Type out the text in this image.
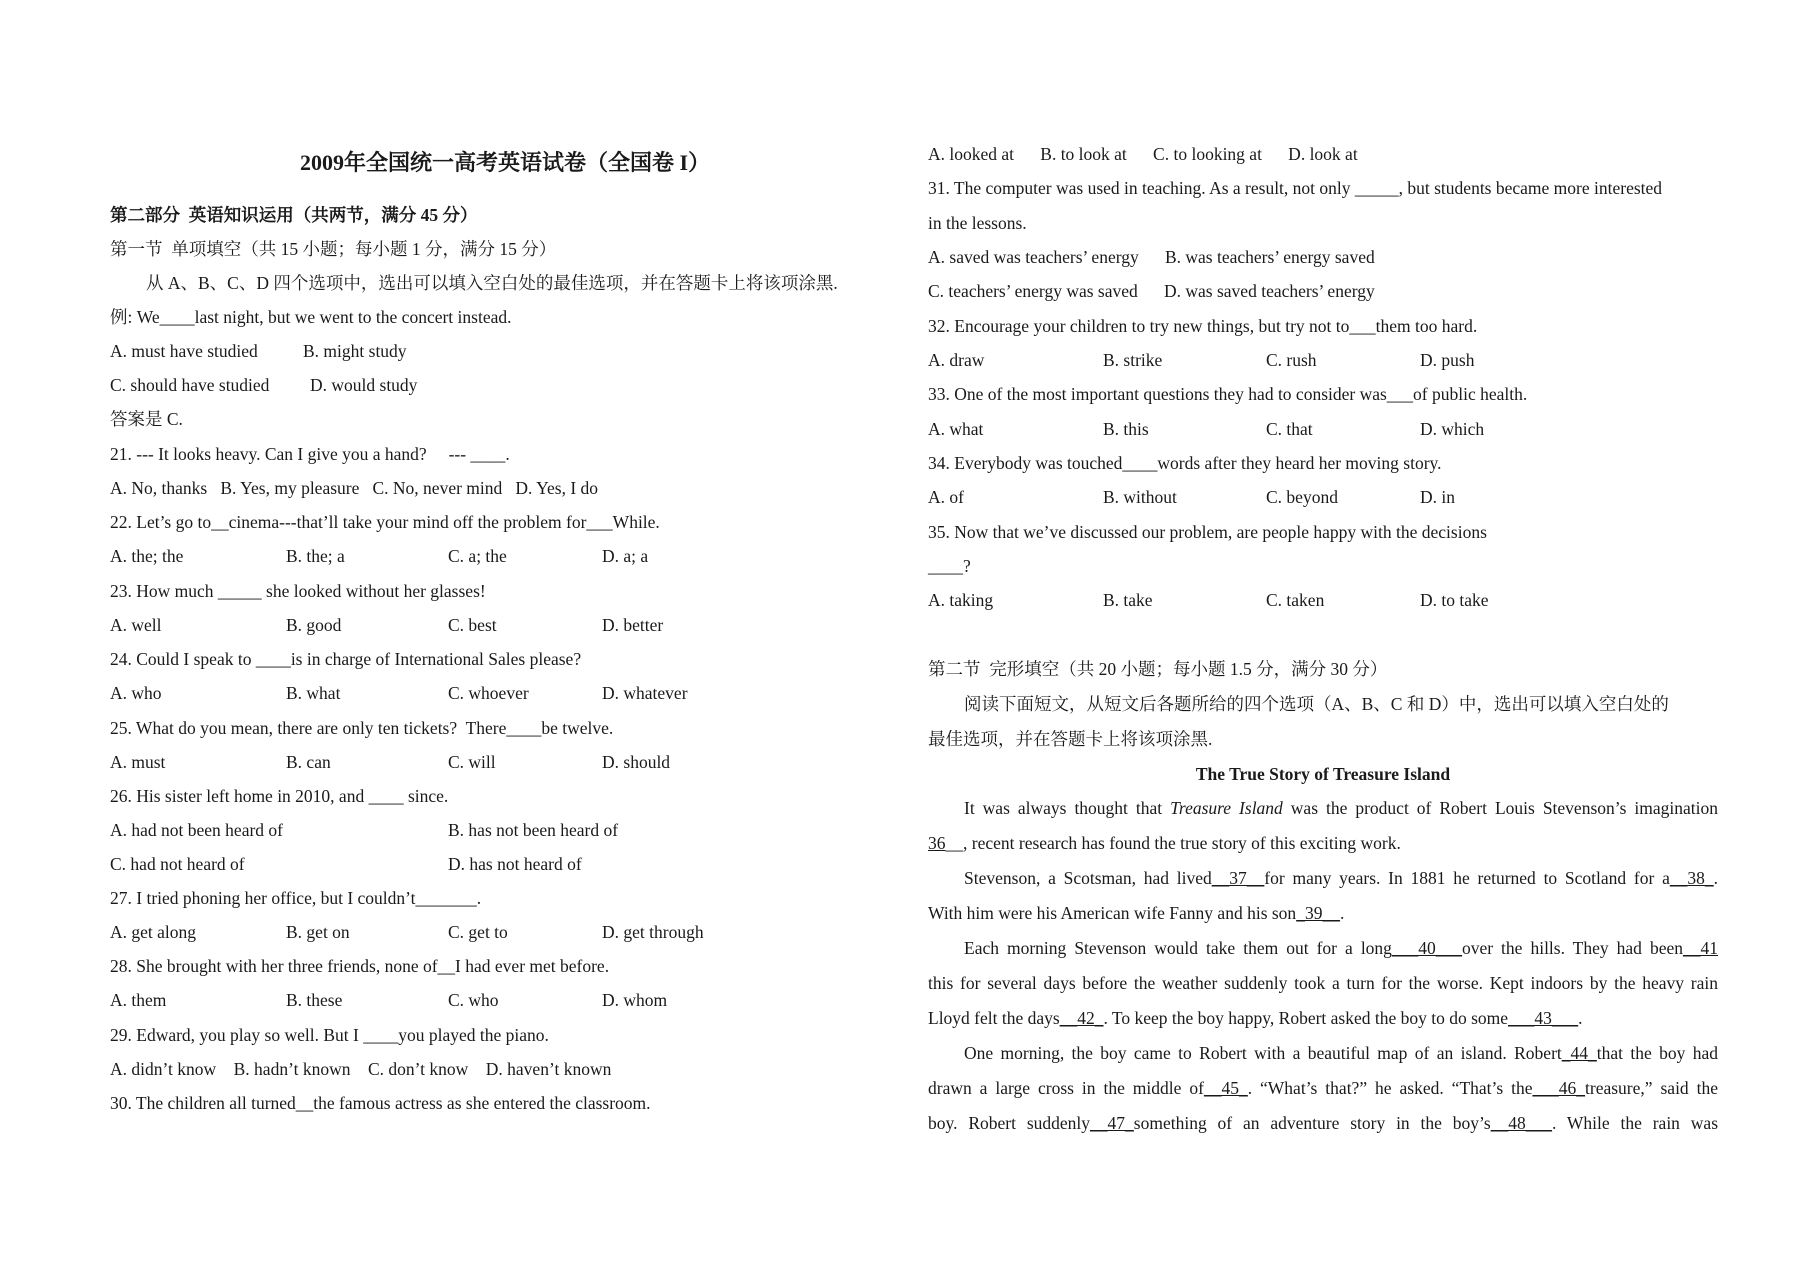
2009年全国统一高考英语试卷（全国卷 I）
第二部分  英语知识运用（共两节，满分 45 分）
第一节  单项填空（共 15 小题；每小题 1 分，满分 15 分）
从 A、B、C、D 四个选项中，选出可以填入空白处的最佳选项，并在答题卡上将该项涂黑.
例: We____last night, but we went to the concert instead.
A. must have studied	B. might study
C. should have studied D. would study
答案是 C.
21. --- It looks heavy. Can I give you a hand?     --- ____.
A. No, thanks   B. Yes, my pleasure   C. No, never mind   D. Yes, I do
22. Let’s go to__cinema---that’ll take your mind off the problem for___While.
A. the; the	B. the; a	C. a; the	D. a; a
23. How much _____ she looked without her glasses!
A. well	B. good	C. best	D. better
24. Could I speak to ____is in charge of International Sales please?
A. who	B. what	C. whoever	D. whatever
25. What do you mean, there are only ten tickets?  There____be twelve.
A. must	B. can	C. will	D. should
26. His sister left home in 2010, and ____ since.
A. had not been heard of	B. has not been heard of
C. had not heard of	D. has not heard of
27. I tried phoning her office, but I couldn’t_______.
A. get along	B. get on	C. get to	D. get through
28. She brought with her three friends, none of__I had ever met before.
A. them	B. these	C. who	D. whom
29. Edward, you play so well. But I ____you played the piano.
A. didn’t know    B. hadn’t known    C. don’t know    D. haven’t known
30. The children all turned__the famous actress as she entered the classroom.
A. looked at      B. to look at      C. to looking at      D. look at
31. The computer was used in teaching. As a result, not only _____, but students became more interested
in the lessons.
A. saved was teachers’ energy      B. was teachers’ energy saved
C. teachers’ energy was saved      D. was saved teachers’ energy
32. Encourage your children to try new things, but try not to___them too hard.
A. draw	B. strike	C. rush	D. push
33. One of the most important questions they had to consider was___of public health.
A. what	B. this	C. that	D. which
34. Everybody was touched____words after they heard her moving story.
A. of	B. without	C. beyond	D. in
35. Now that we’ve discussed our problem, are people happy with the decisions
____?
A. taking	B. take	C. taken	D. to take
第二节  完形填空（共 20 小题；每小题 1.5 分，满分 30 分）
阅读下面短文，从短文后各题所给的四个选项（A、B、C 和 D）中，选出可以填入空白处的
最佳选项，并在答题卡上将该项涂黑.
The True Story of Treasure Island
It was always thought that Treasure Island was the product of Robert Louis Stevenson’s imagination
36__, recent research has found the true story of this exciting work.
Stevenson, a Scotsman, had lived__37__for many years. In 1881 he returned to Scotland for a__38_.
With him were his American wife Fanny and his son_39__.
Each morning Stevenson would take them out for a long___40___over the hills. They had been__41
this for several days before the weather suddenly took a turn for the worse. Kept indoors by the heavy rain
Lloyd felt the days__42_. To keep the boy happy, Robert asked the boy to do some___43___.
One morning, the boy came to Robert with a beautiful map of an island. Robert_44_that the boy had
drawn a large cross in the middle of__45_. “What’s that?” he asked. “That’s the___46_treasure,” said the
boy. Robert suddenly__47_something of an adventure story in the boy’s__48___. While the rain was
